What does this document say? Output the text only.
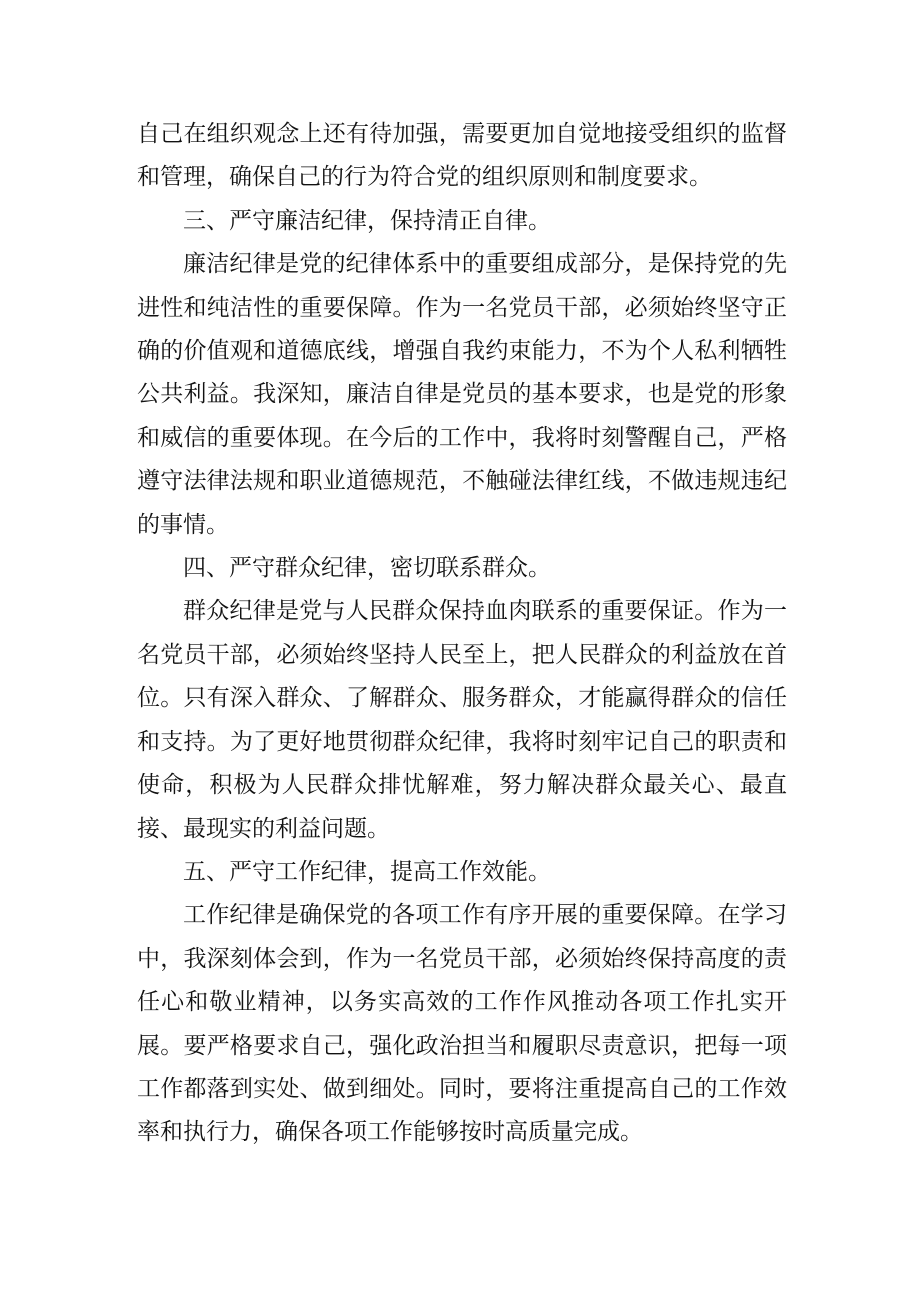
自己在组织观念上还有待加强，需要更加自觉地接受组织的监督和管理，确保自己的行为符合党的组织原则和制度要求。

三、严守廉洁纪律，保持清正自律。

廉洁纪律是党的纪律体系中的重要组成部分，是保持党的先进性和纯洁性的重要保障。作为一名党员干部，必须始终坚守正确的价值观和道德底线，增强自我约束能力，不为个人私利牺牲公共利益。我深知，廉洁自律是党员的基本要求，也是党的形象和威信的重要体现。在今后的工作中，我将时刻警醒自己，严格遵守法律法规和职业道德规范，不触碰法律红线，不做违规违纪的事情。

四、严守群众纪律，密切联系群众。

群众纪律是党与人民群众保持血肉联系的重要保证。作为一名党员干部，必须始终坚持人民至上，把人民群众的利益放在首位。只有深入群众、了解群众、服务群众，才能赢得群众的信任和支持。为了更好地贯彻群众纪律，我将时刻牢记自己的职责和使命，积极为人民群众排忧解难，努力解决群众最关心、最直接、最现实的利益问题。

五、严守工作纪律，提高工作效能。

工作纪律是确保党的各项工作有序开展的重要保障。在学习中，我深刻体会到，作为一名党员干部，必须始终保持高度的责任心和敬业精神，以务实高效的工作作风推动各项工作扎实开展。要严格要求自己，强化政治担当和履职尽责意识，把每一项工作都落到实处、做到细处。同时，要将注重提高自己的工作效率和执行力，确保各项工作能够按时高质量完成。
